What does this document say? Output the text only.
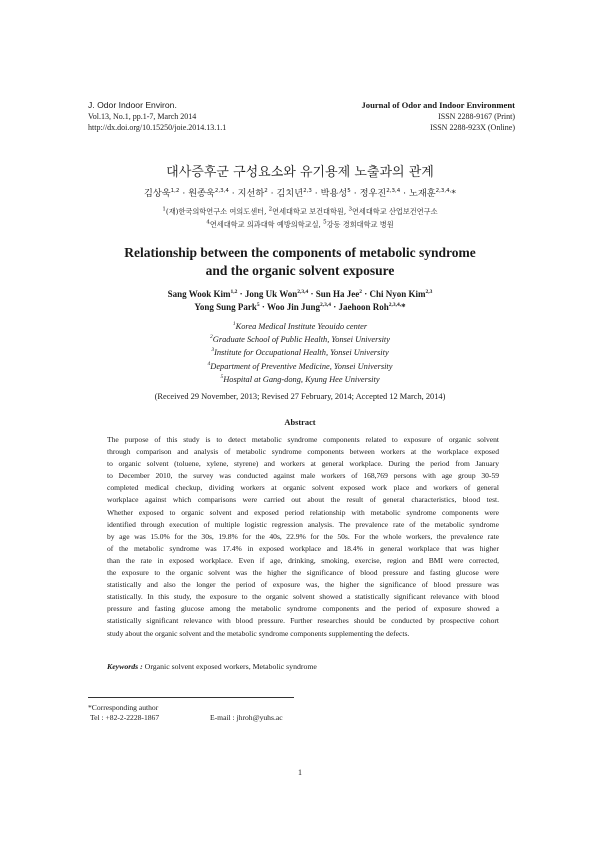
J. Odor Indoor Environ.
Vol.13, No.1, pp.1-7, March 2014
http://dx.doi.org/10.15250/joie.2014.13.1.1
Journal of Odor and Indoor Environment
ISSN 2288-9167 (Print)
ISSN 2288-923X (Online)
대사증후군 구성요소와 유기용제 노출과의 관계
김상욱$^{1,2}$ · 원종욱$^{2,3,4}$ · 지선하$^2$ · 김치년$^{2,3}$ · 박용성$^5$ · 정우진$^{2,3,4}$ · 노재훈$^{2,3,4,}$*
$^1$(재)한국의학연구소 여의도센터, $^2$연세대학교 보건대학원, $^3$연세대학교 산업보건연구소
$^4$연세대학교 의과대학 예방의학교실, $^5$강동 경희대학교 병원
Relationship between the components of metabolic syndrome
and the organic solvent exposure
Sang Wook Kim$^{1,2}$ · Jong Uk Won$^{2,3,4}$ · Sun Ha Jee$^2$ · Chi Nyon Kim$^{2,3}$
Yong Sung Park$^5$ · Woo Jin Jung$^{2,3,4}$ · Jaehoon Roh$^{2,3,4,}$*
$^1$Korea Medical Institute Yeouido center
$^2$Graduate School of Public Health, Yonsei University
$^3$Institute for Occupational Health, Yonsei University
$^4$Department of Preventive Medicine, Yonsei University
$^5$Hospital at Gang-dong, Kyung Hee University
(Received 29 November, 2013; Revised 27 February, 2014; Accepted 12 March, 2014)
Abstract
The purpose of this study is to detect metabolic syndrome components related to exposure of organic solvent
through comparison and analysis of metabolic syndrome components between workers at the workplace exposed
to organic solvent (toluene, xylene, styrene) and workers at general workplace. During the period from January
to December 2010, the survey was conducted against male workers of 168,769 persons with age group 30-59
completed medical checkup, dividing workers at organic solvent exposed work place and workers of general
workplace against which comparisons were carried out about the result of general characteristics, blood test.
Whether exposed to organic solvent and exposed period relationship with metabolic syndrome components were
identified through execution of multiple logistic regression analysis. The prevalence rate of the metabolic syndrome
by age was 15.0% for the 30s, 19.8% for the 40s, 22.9% for the 50s. For the whole workers, the prevalence rate
of the metabolic syndrome was 17.4% in exposed workplace and 18.4% in general workplace that was higher
than the rate in exposed workplace. Even if age, drinking, smoking, exercise, region and BMI were corrected,
the exposure to the organic solvent was the higher the significance of blood pressure and fasting glucose were
statistically and also the longer the period of exposure was, the higher the significance of blood pressure was
statistically. In this study, the exposure to the organic solvent showed a statistically significant relevance with blood
pressure and fasting glucose among the metabolic syndrome components and the period of exposure showed a
statistically significant relevance with blood pressure. Further researches should be conducted by prospective cohort
study about the organic solvent and the metabolic syndrome components supplementing the defects.
Keywords : Organic solvent exposed workers, Metabolic syndrome
*Corresponding author
Tel : +82-2-2228-1867	E-mail : jhroh@yuhs.ac
1
